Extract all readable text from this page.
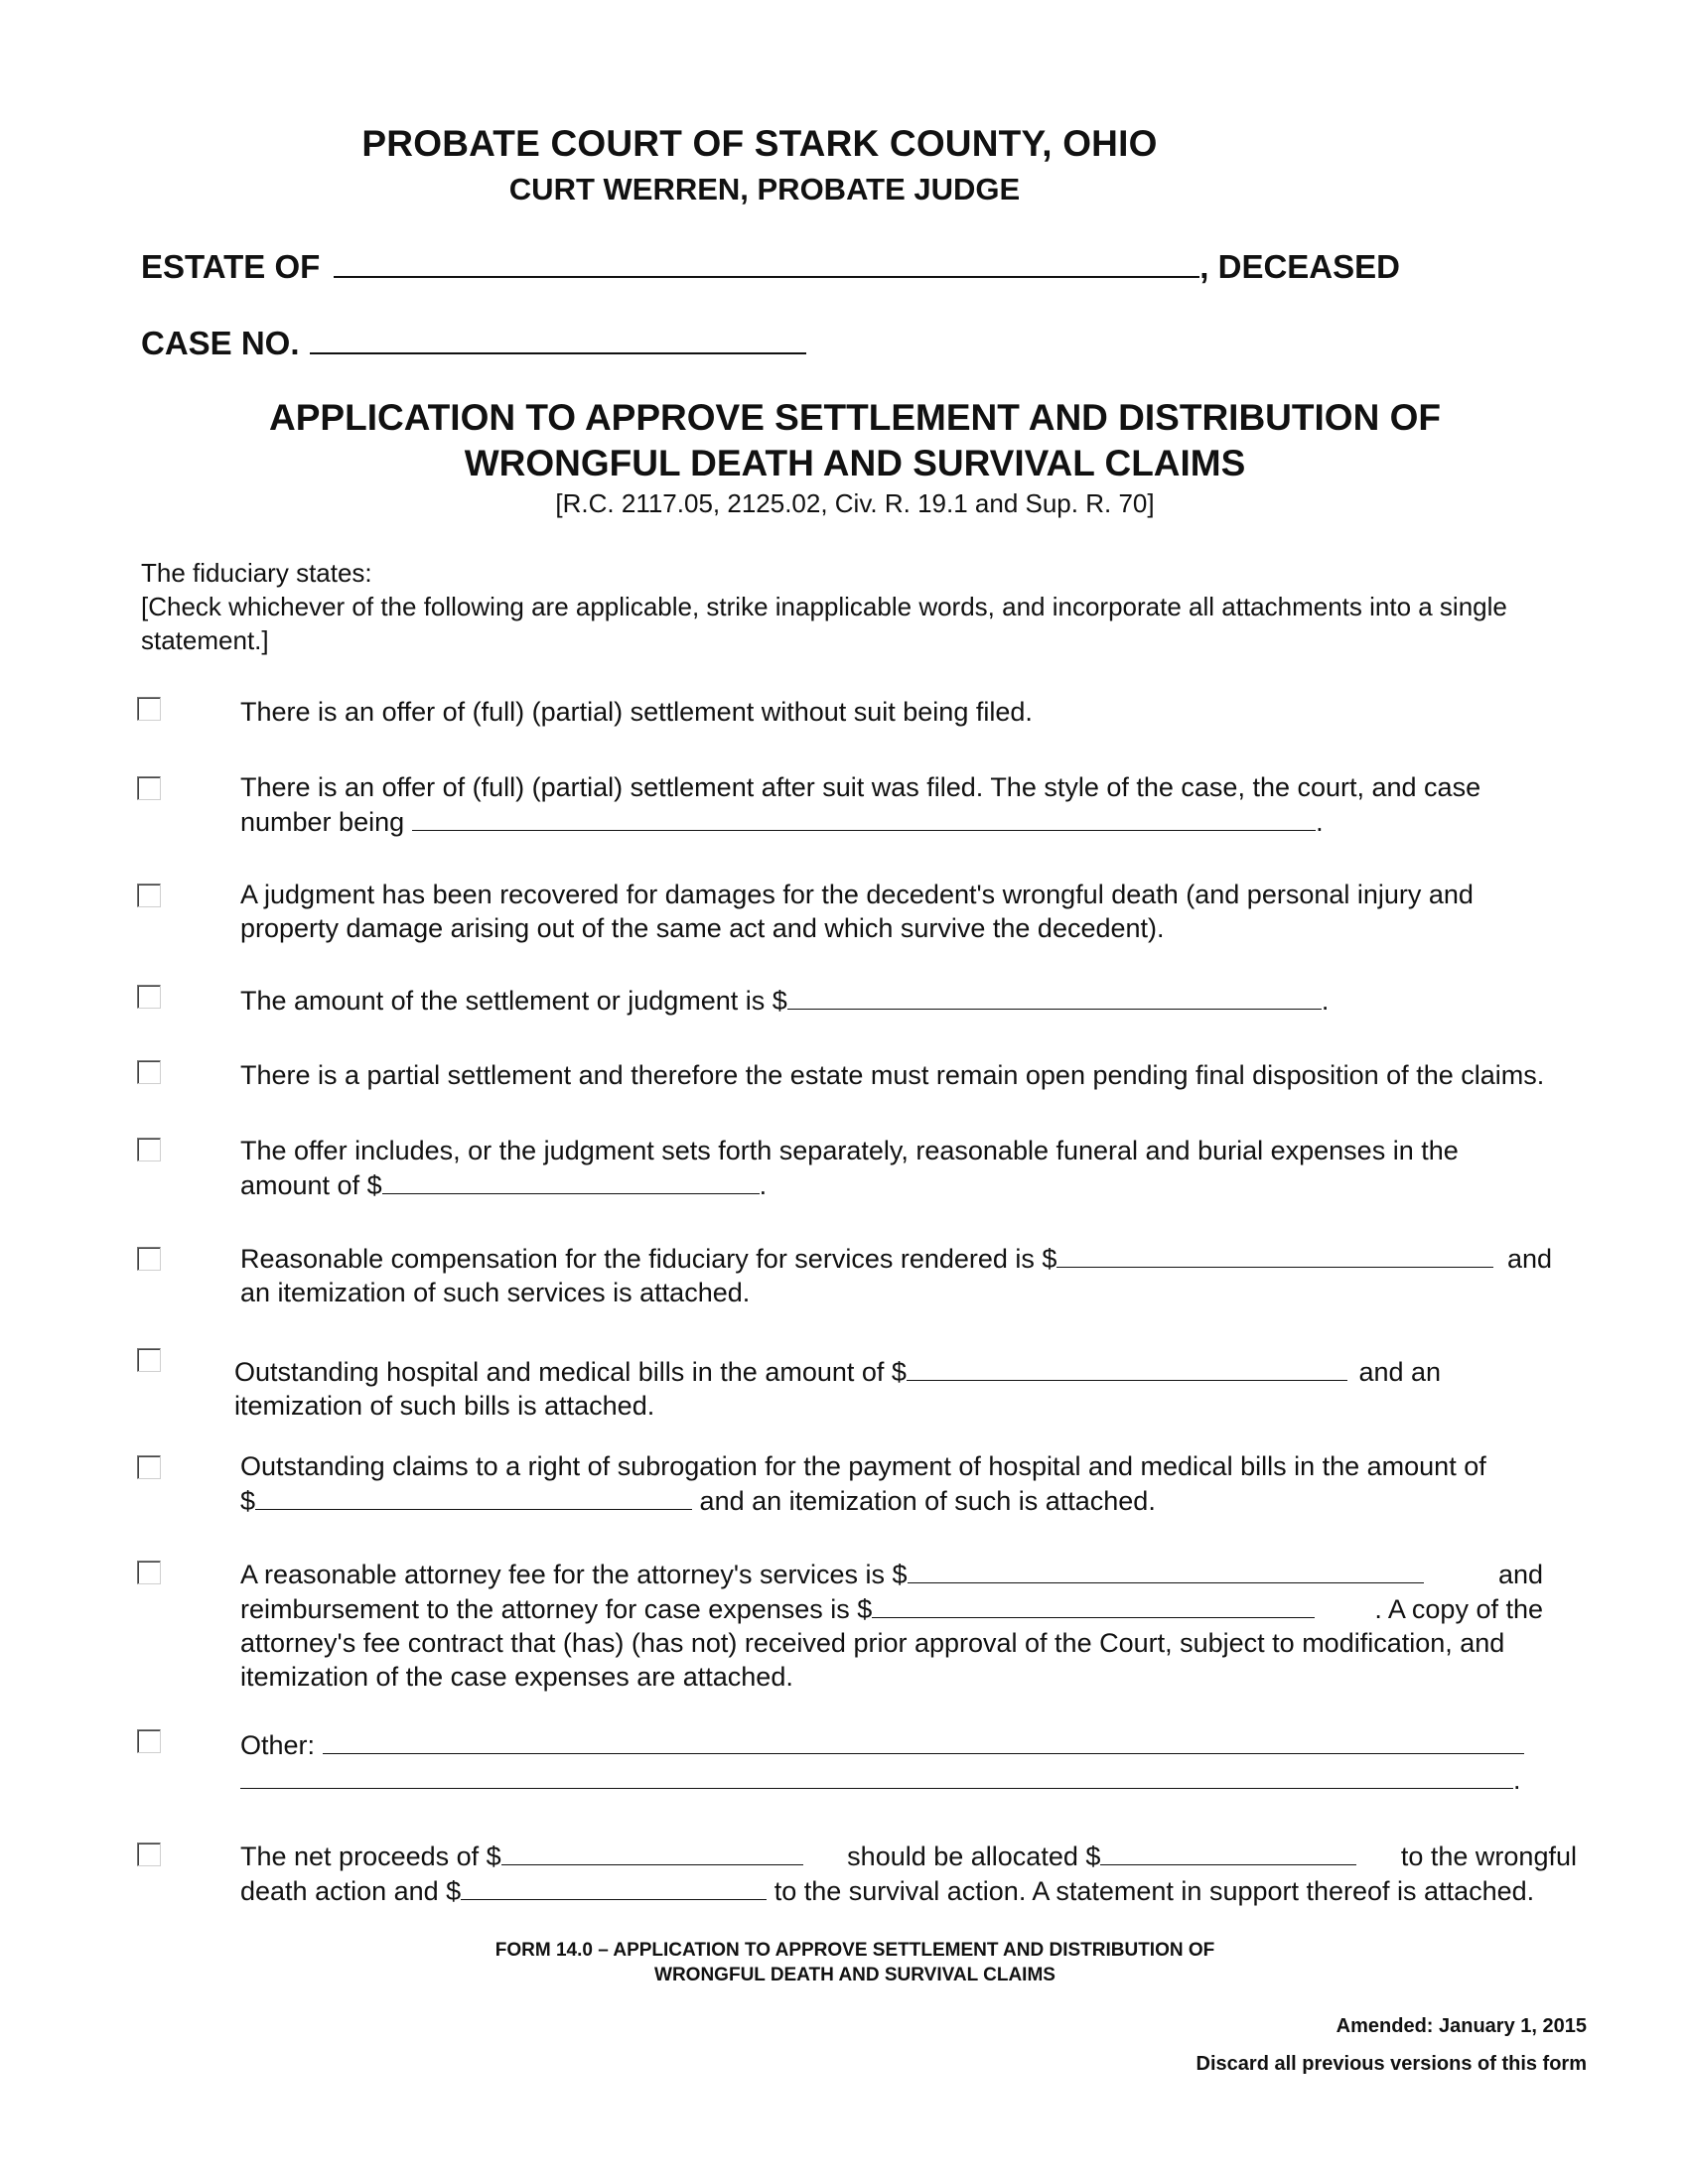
PROBATE COURT OF STARK COUNTY, OHIO
CURT WERREN, PROBATE JUDGE
ESTATE OF	, DECEASED
CASE NO.
APPLICATION TO APPROVE SETTLEMENT AND DISTRIBUTION OF
WRONGFUL DEATH AND SURVIVAL CLAIMS
[R.C. 2117.05, 2125.02, Civ. R. 19.1 and Sup. R. 70]

The fiduciary states:

[Check whichever of the following are applicable, strike inapplicable words, and incorporate all attachments into a single statement.]

There is an offer of (full) (partial) settlement without suit being filed.
There is an offer of (full) (partial) settlement after suit was filed. The style of the case, the court, and case
number being	.
A judgment has been recovered for damages for the decedent's wrongful death (and personal injury and
property damage arising out of the same act and which survive the decedent).
The amount of the settlement or judgment is $	.
There is a partial settlement and therefore the estate must remain open pending final disposition of the claims.
The offer includes, or the judgment sets forth separately, reasonable funeral and burial expenses in the
amount of $	.
Reasonable compensation for the fiduciary for services rendered is $	and
an itemization of such services is attached.
Outstanding hospital and medical bills in the amount of $	and an
itemization of such bills is attached.
Outstanding claims to a right of subrogation for the payment of hospital and medical bills in the amount of
$	and an itemization of such is attached.
A reasonable attorney fee for the attorney's services is $	and
reimbursement to the attorney for case expenses is $	. A copy of the
attorney's fee contract that (has) (has not) received prior approval of the Court, subject to modification, and
itemization of the case expenses are attached.
Other:
.
The net proceeds of $	should be allocated $	to the wrongful
death action and $	to the survival action. A statement in support thereof is attached.
FORM 14.0 – APPLICATION TO APPROVE SETTLEMENT AND DISTRIBUTION OF
WRONGFUL DEATH AND SURVIVAL CLAIMS
Amended: January 1, 2015
Discard all previous versions of this form
